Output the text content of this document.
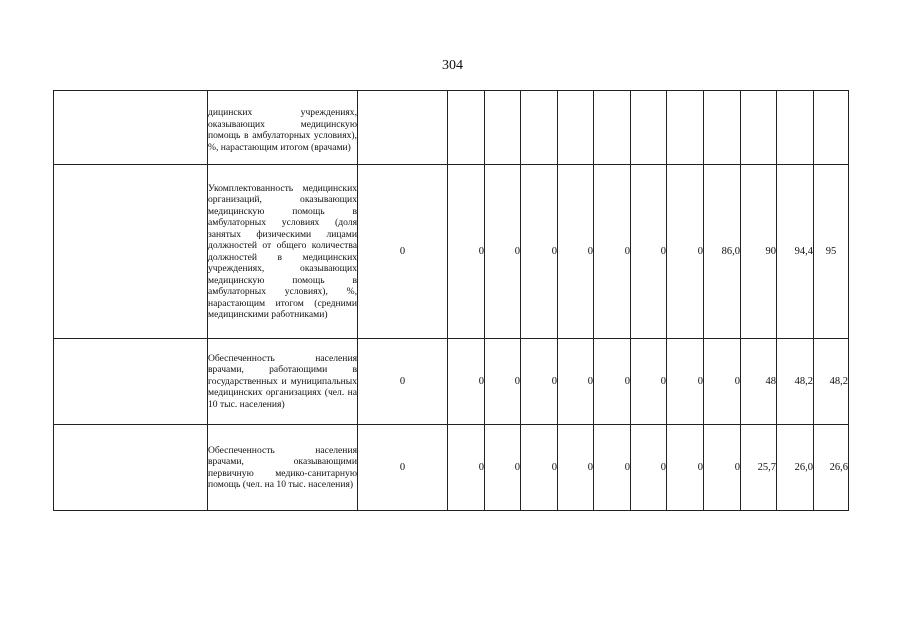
304
	дицинских учреждениях, оказывающих медицинскую помощь в амбулаторных условиях), %, нарастающим итогом (врачами)												
	Укомплектованность медицинских организаций, оказывающих медицинскую помощь в амбулаторных условиях (доля занятых физическими лицами должностей от общего количества должностей в медицинских учреждениях, оказывающих медицинскую помощь в амбулаторных условиях), %, нарастающим итогом (средними медицинскими работниками)	0	0	0	0	0	0	0	0	86,0	90	94,4	95
	Обеспеченность населения врачами, работающими в государственных и муниципальных медицинских организациях (чел. на 10 тыс. населения)	0	0	0	0	0	0	0	0	0	48	48,2	48,2
	Обеспеченность населения врачами, оказывающими первичную медико-санитарную помощь (чел. на 10 тыс. населения)	0	0	0	0	0	0	0	0	0	25,7	26,0	26,6
